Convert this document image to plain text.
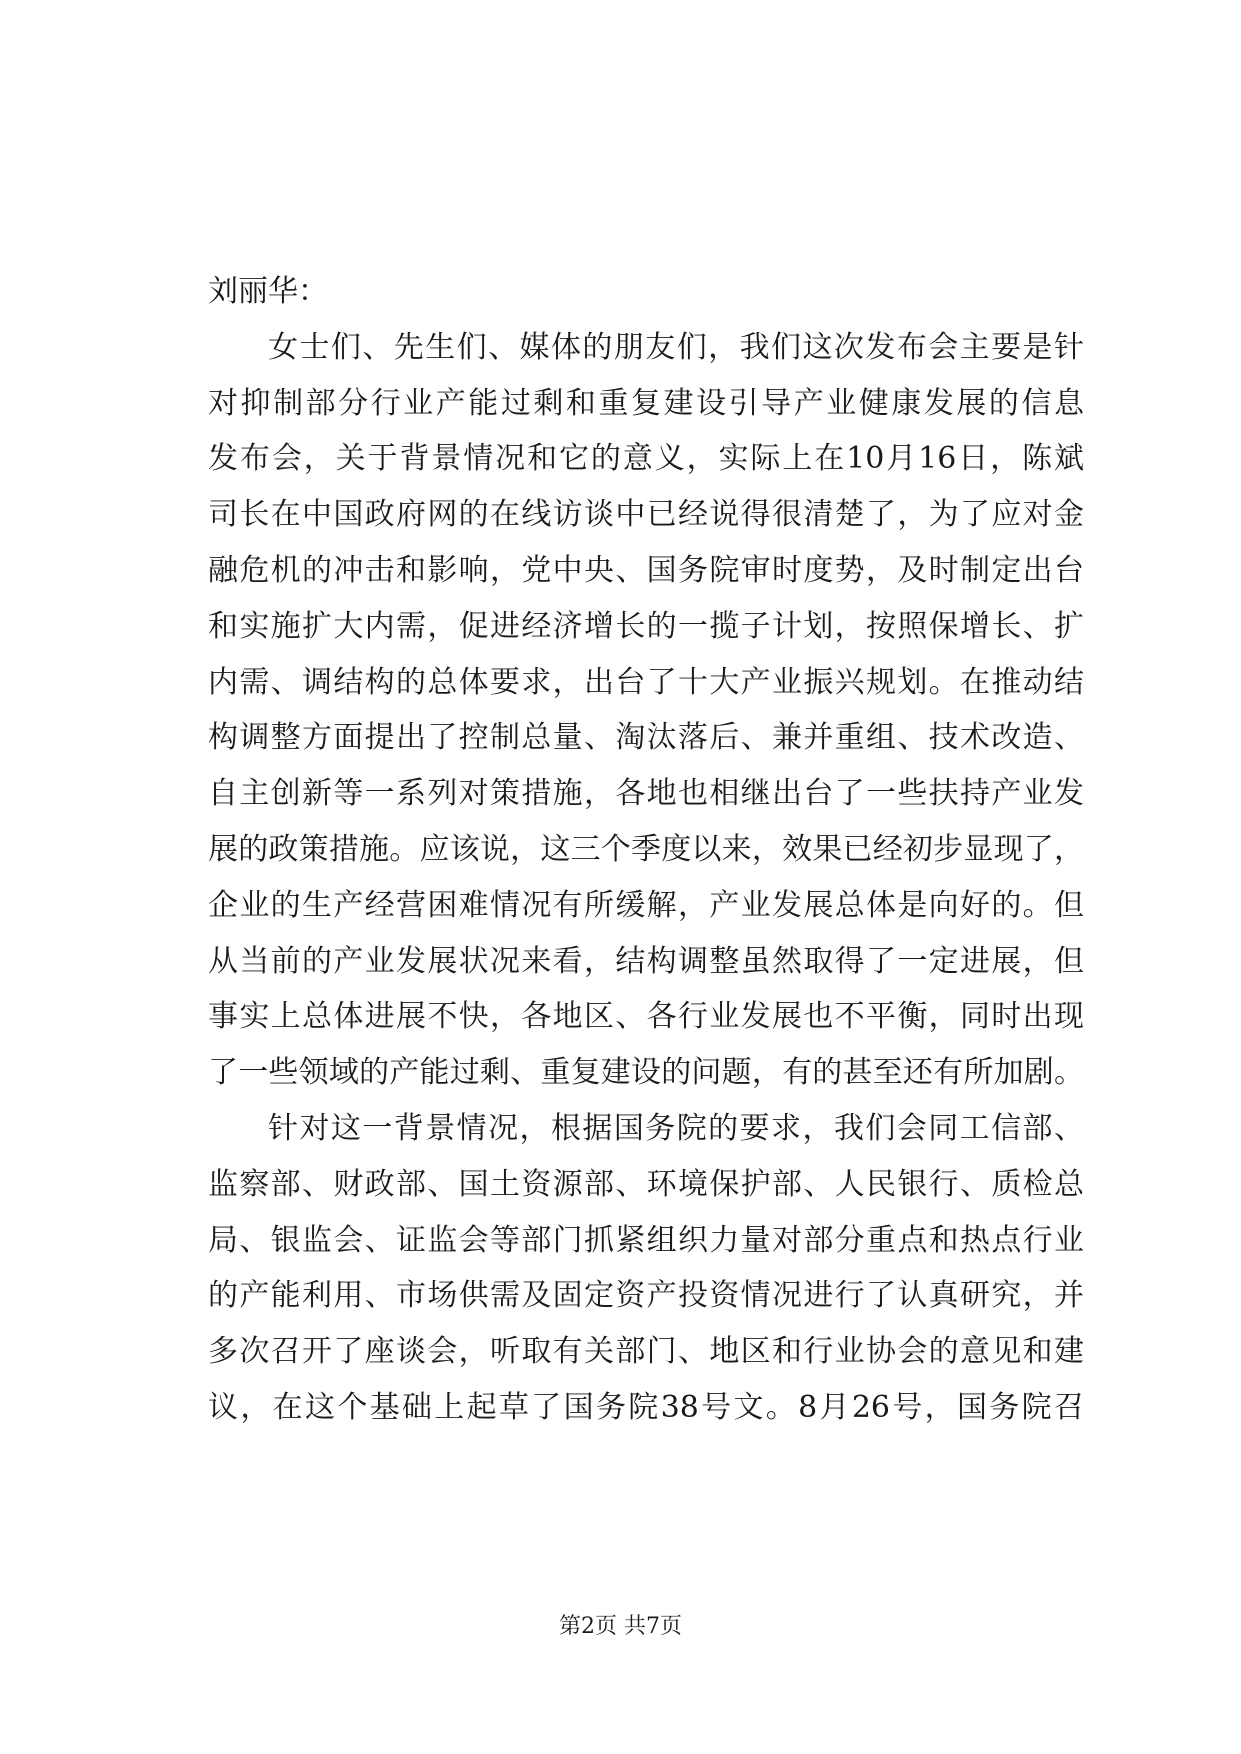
刘丽华：
女士们、先生们、媒体的朋友们，我们这次发布会主要是针
对抑制部分行业产能过剩和重复建设引导产业健康发展的信息
发布会，关于背景情况和它的意义，实际上在10月16日，陈斌
司长在中国政府网的在线访谈中已经说得很清楚了，为了应对金
融危机的冲击和影响，党中央、国务院审时度势，及时制定出台
和实施扩大内需，促进经济增长的一揽子计划，按照保增长、扩
内需、调结构的总体要求，出台了十大产业振兴规划。在推动结
构调整方面提出了控制总量、淘汰落后、兼并重组、技术改造、
自主创新等一系列对策措施，各地也相继出台了一些扶持产业发
展的政策措施。应该说，这三个季度以来，效果已经初步显现了，
企业的生产经营困难情况有所缓解，产业发展总体是向好的。但
从当前的产业发展状况来看，结构调整虽然取得了一定进展，但
事实上总体进展不快，各地区、各行业发展也不平衡，同时出现
了一些领域的产能过剩、重复建设的问题，有的甚至还有所加剧。
针对这一背景情况，根据国务院的要求，我们会同工信部、
监察部、财政部、国土资源部、环境保护部、人民银行、质检总
局、银监会、证监会等部门抓紧组织力量对部分重点和热点行业
的产能利用、市场供需及固定资产投资情况进行了认真研究，并
多次召开了座谈会，听取有关部门、地区和行业协会的意见和建
议，在这个基础上起草了国务院38号文。8月26号，国务院召
第2页 共7页
